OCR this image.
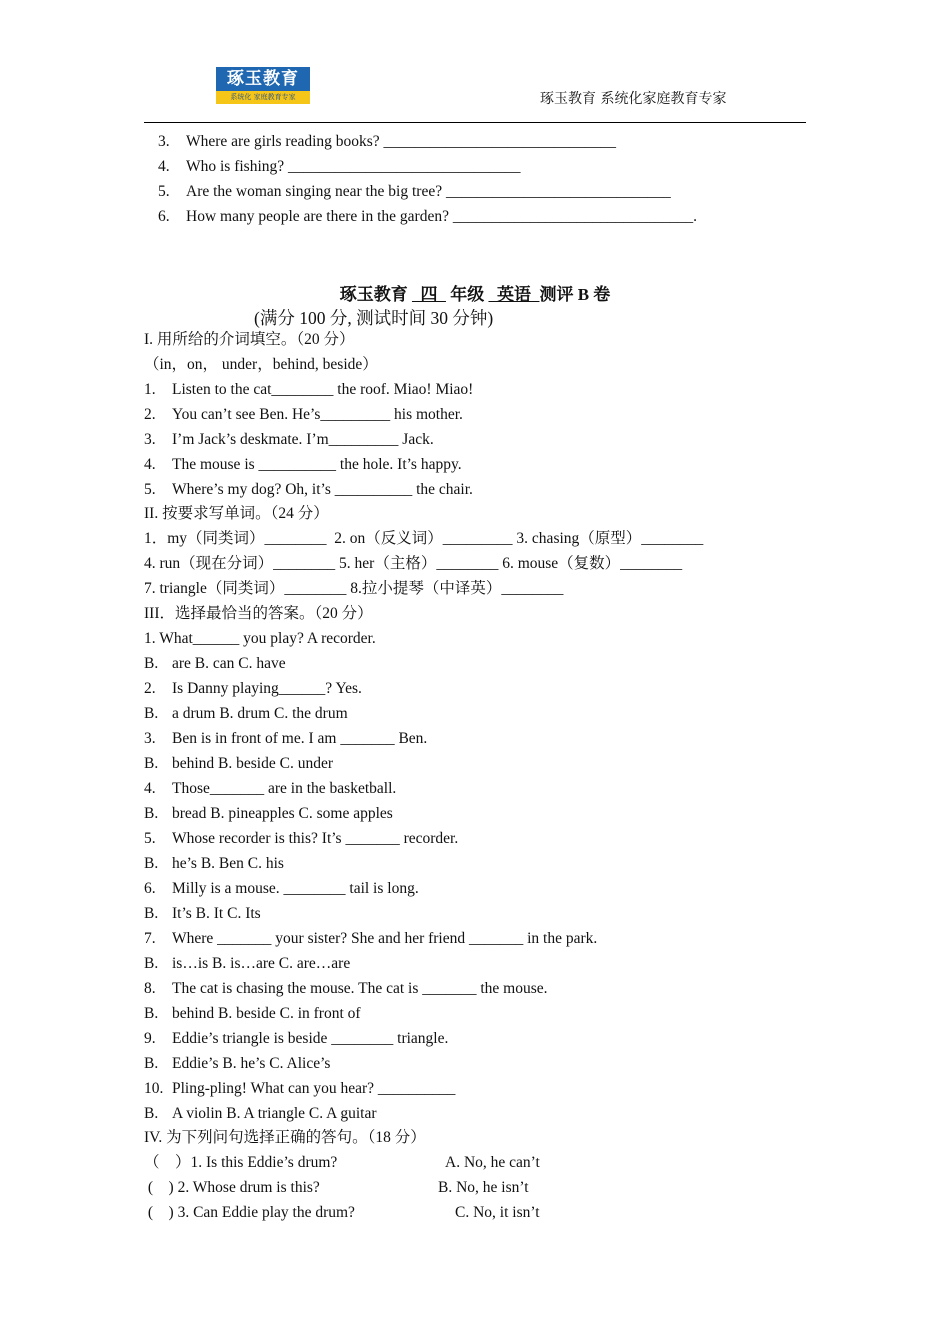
琢玉教育
系统化 家庭教育专家	琢玉教育 系统化家庭教育专家
3. Where are girls reading books? ______________________________
4. Who is fishing? ______________________________
5. Are the woman singing near the big tree? _____________________________
6. How many people are there in the garden? _______________________________.
琢玉教育   四   年级   英语  测评 B 卷
(满分 100 分, 测试时间 30 分钟)
I. 用所给的介词填空。（20 分）
（in，on， under，behind, beside）
1. Listen to the cat________ the roof. Miao! Miao!
2. You can’t see Ben. He’s_________ his mother.
3. I’m Jack’s deskmate. I’m_________ Jack.
4. The mouse is __________ the hole. It’s happy.
5. Where’s my dog? Oh, it’s __________ the chair.
II. 按要求写单词。（24 分）
1．my（同类词）________  2. on（反义词）_________ 3. chasing（原型）________
4. run（现在分词）________ 5. her（主格）________ 6. mouse（复数）________
7. triangle（同类词）________ 8.拉小提琴（中译英）________
III．选择最恰当的答案。（20 分）
1. What______ you play? A recorder.
B. are B. can C. have
2. Is Danny playing______? Yes.
B. a drum B. drum C. the drum
3. Ben is in front of me. I am _______ Ben.
B. behind B. beside C. under
4. Those_______ are in the basketball.
B. bread B. pineapples C. some apples
5. Whose recorder is this? It’s _______ recorder.
B. he’s B. Ben C. his
6. Milly is a mouse. ________ tail is long.
B. It’s B. It C. Its
7. Where _______ your sister? She and her friend _______ in the park.
B. is…is B. is…are C. are…are
8. The cat is chasing the mouse. The cat is _______ the mouse.
B. behind B. beside C. in front of
9. Eddie’s triangle is beside ________ triangle.
B. Eddie’s B. he’s C. Alice’s
10. Pling-pling! What can you hear? __________
B. A violin B. A triangle C. A guitar
IV. 为下列问句选择正确的答句。（18 分）
（    ）1. Is this Eddie’s drum?	A. No, he can’t
(    ) 2. Whose drum is this?	B. No, he isn’t
(    ) 3. Can Eddie play the drum?	C. No, it isn’t
